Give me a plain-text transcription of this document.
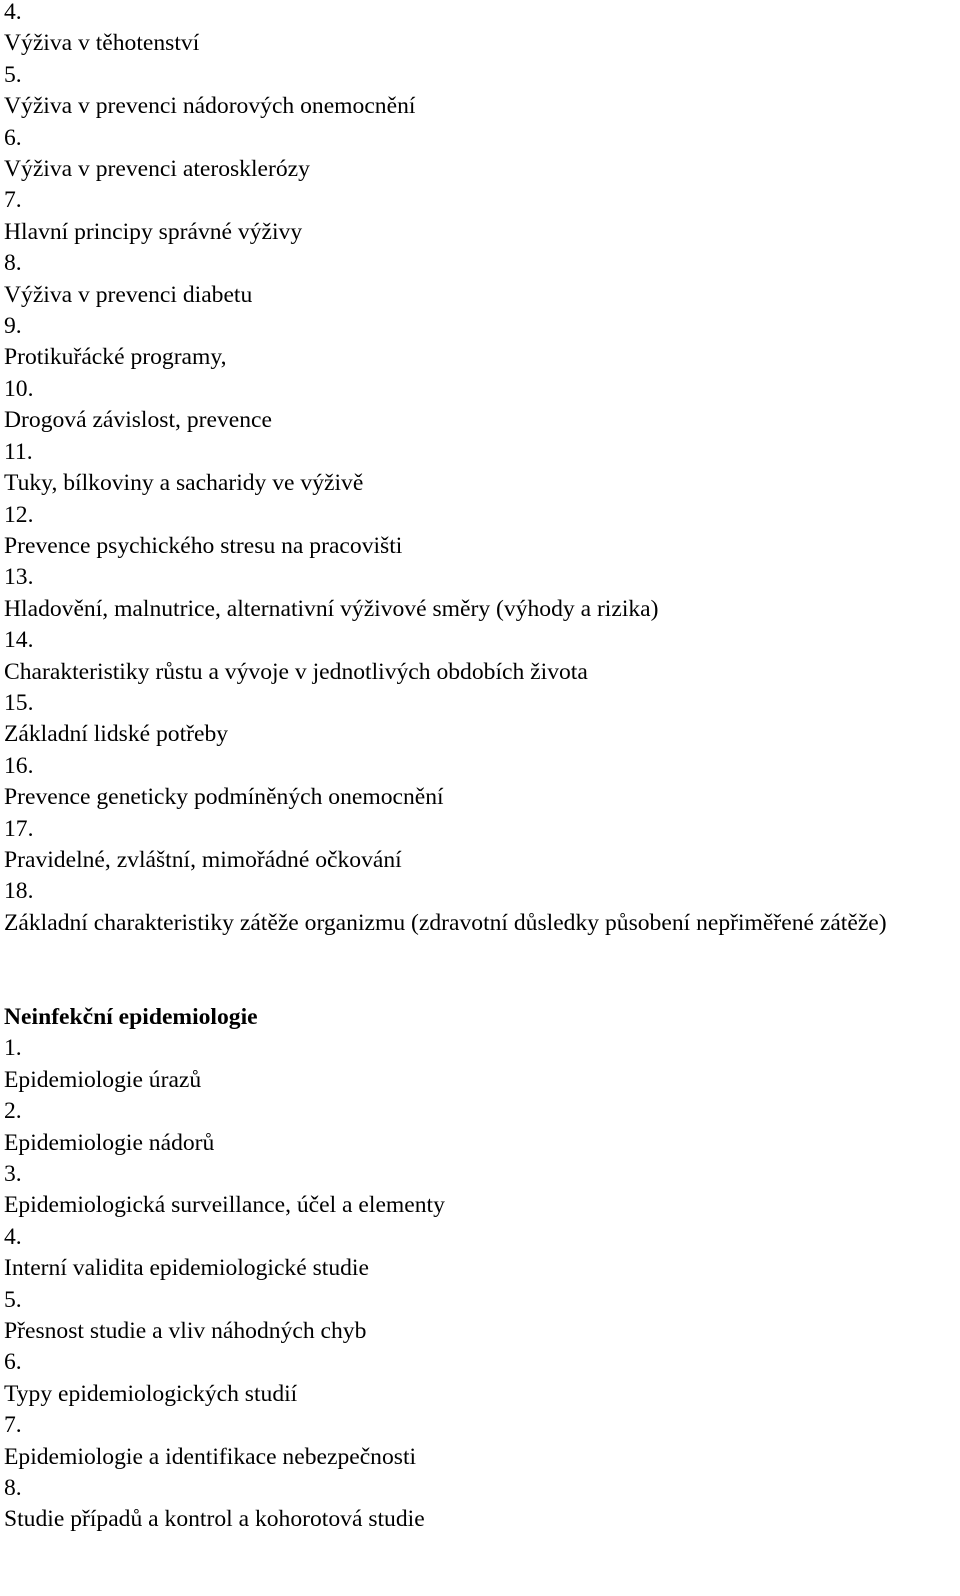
4.

Výživa v těhotenství

5.

Výživa v prevenci nádorových onemocnění

6.

Výživa v prevenci aterosklerózy

7.

Hlavní principy správné výživy

8.

Výživa v prevenci diabetu

9.

Protikuřácké programy,

10.

Drogová závislost, prevence

11.

Tuky, bílkoviny a sacharidy ve výživě

12.

Prevence psychického stresu na pracovišti

13.

Hladovění, malnutrice, alternativní výživové směry (výhody a rizika)

14.

Charakteristiky růstu a vývoje v jednotlivých obdobích života

15.

Základní lidské potřeby

16.

Prevence geneticky podmíněných onemocnění

17.

Pravidelné, zvláštní, mimořádné očkování

18.

Základní charakteristiky zátěže organizmu (zdravotní důsledky působení nepřiměřené zátěže)

Neinfekční epidemiologie

1.

Epidemiologie úrazů

2.

Epidemiologie nádorů

3.

Epidemiologická surveillance, účel a elementy

4.

Interní validita epidemiologické studie

5.

Přesnost studie a vliv náhodných chyb

6.

Typy epidemiologických studií

7.

Epidemiologie a identifikace nebezpečnosti

8.

Studie případů a kontrol a kohorotová studie
